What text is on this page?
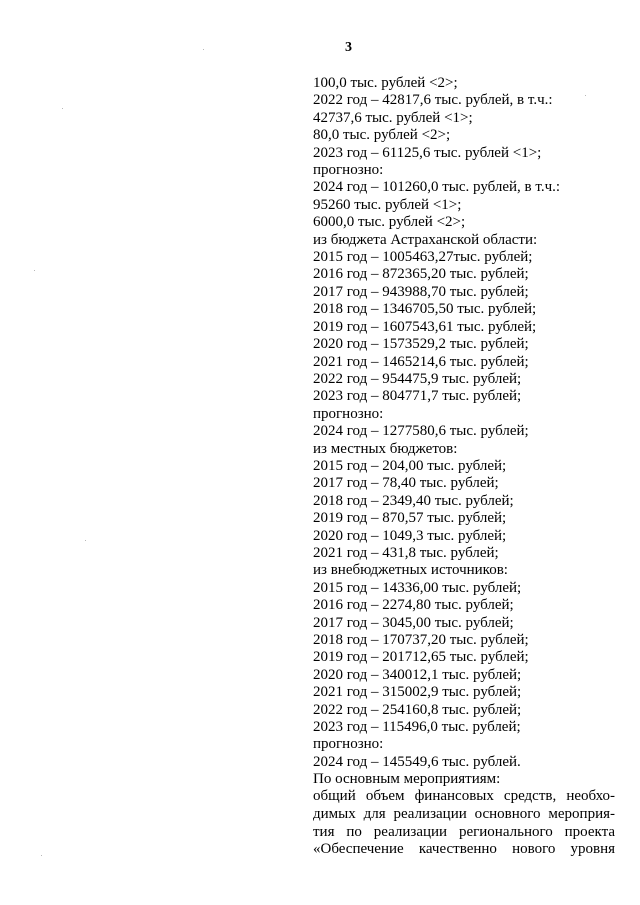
3
100,0 тыс. рублей <2>;
2022 год – 42817,6 тыс. рублей, в т.ч.:
42737,6 тыс. рублей <1>;
80,0 тыс. рублей <2>;
2023 год – 61125,6 тыс. рублей <1>;
прогнозно:
2024 год – 101260,0 тыс. рублей, в т.ч.:
95260 тыс. рублей <1>;
6000,0 тыс. рублей <2>;
из бюджета Астраханской области:
2015 год – 1005463,27тыс. рублей;
2016 год – 872365,20 тыс. рублей;
2017 год – 943988,70 тыс. рублей;
2018 год – 1346705,50 тыс. рублей;
2019 год – 1607543,61 тыс. рублей;
2020 год – 1573529,2 тыс. рублей;
2021 год – 1465214,6 тыс. рублей;
2022 год – 954475,9 тыс. рублей;
2023 год – 804771,7 тыс. рублей;
прогнозно:
2024 год – 1277580,6 тыс. рублей;
из местных бюджетов:
2015 год – 204,00 тыс. рублей;
2017 год – 78,40 тыс. рублей;
2018 год – 2349,40 тыс. рублей;
2019 год – 870,57 тыс. рублей;
2020 год – 1049,3 тыс. рублей;
2021 год – 431,8 тыс. рублей;
из внебюджетных источников:
2015 год – 14336,00 тыс. рублей;
2016 год – 2274,80 тыс. рублей;
2017 год – 3045,00 тыс. рублей;
2018 год – 170737,20 тыс. рублей;
2019 год – 201712,65 тыс. рублей;
2020 год – 340012,1 тыс. рублей;
2021 год – 315002,9 тыс. рублей;
2022 год – 254160,8 тыс. рублей;
2023 год – 115496,0 тыс. рублей;
прогнозно:
2024 год – 145549,6 тыс. рублей.
По основным мероприятиям:
общий объем финансовых средств, необхо-
димых для реализации основного мероприя-
тия по реализации регионального проекта
«Обеспечение качественно нового уровня
